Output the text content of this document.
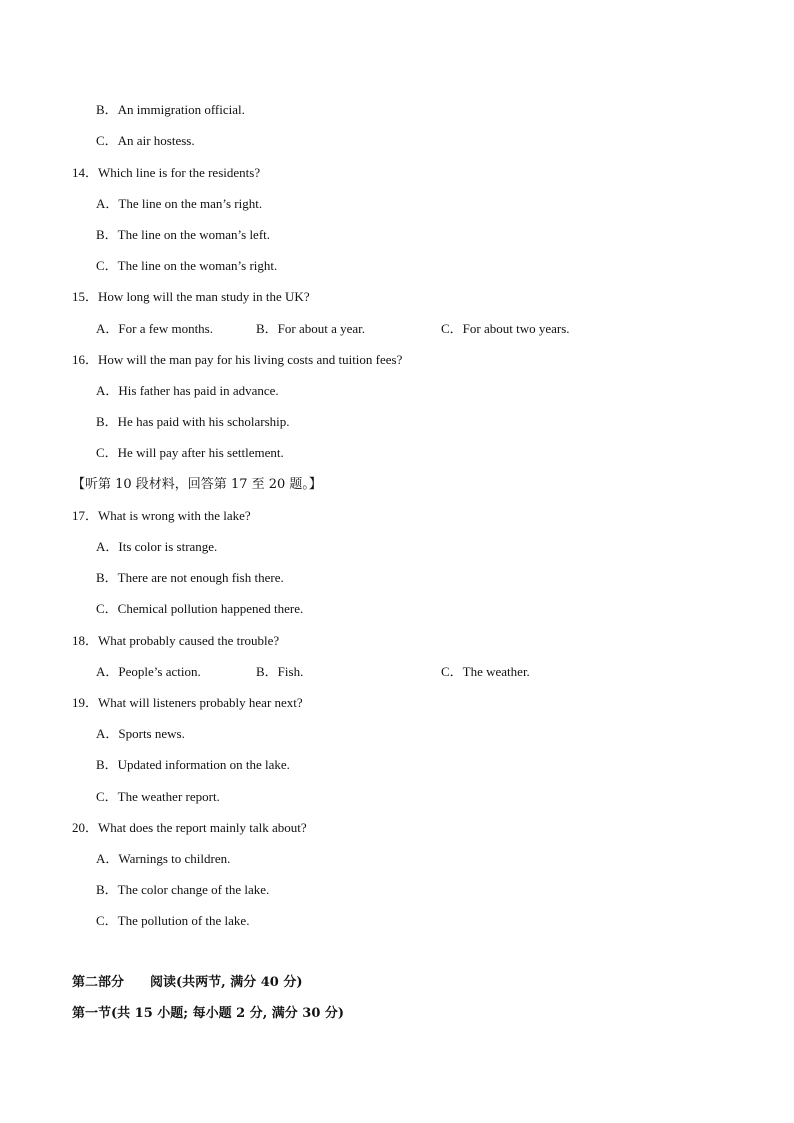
B．An immigration official.
C．An air hostess.
14．Which line is for the residents?
A．The line on the man’s right.
B．The line on the woman’s left.
C．The line on the woman’s right.
15．How long will the man study in the UK?
16．How will the man pay for his living costs and tuition fees?
A．His father has paid in advance.
B．He has paid with his scholarship.
C．He will pay after his settlement.
【听第 10 段材料，回答第 17 至 20 题。】
17．What is wrong with the lake?
A．Its color is strange.
B．There are not enough fish there.
C．Chemical pollution happened there.
18．What probably caused the trouble?
19．What will listeners probably hear next?
A．Sports news.
B．Updated information on the lake.
C．The weather report.
20．What does the report mainly talk about?
A．Warnings to children.
B．The color change of the lake.
C．The pollution of the lake.
A．For a few months.	B．For about a year.	C．For about two years.
A．People’s action.	B．Fish.	C．The weather.
第二部分　　阅读(共两节, 满分 40 分)
第一节(共 15 小题; 每小题 2 分, 满分 30 分)
